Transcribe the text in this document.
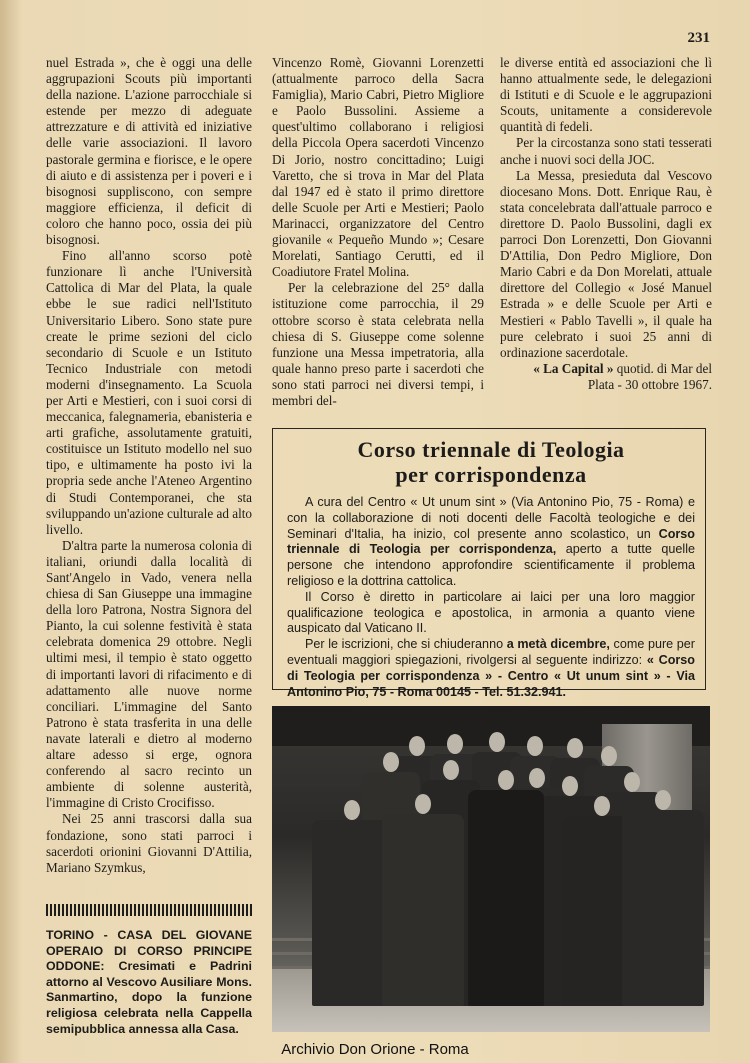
231

nuel Estrada », che è oggi una delle aggrupazioni Scouts più importanti della nazione. L'azione parrocchiale si estende per mezzo di adeguate attrezzature e di attività ed iniziative delle varie associazioni. Il lavoro pastorale germina e fiorisce, e le opere di aiuto e di assistenza per i poveri e i bisognosi suppliscono, con sempre maggiore efficienza, il deficit di coloro che hanno poco, ossia dei più bisognosi.

Fino all'anno scorso potè funzionare lì anche l'Università Cattolica di Mar del Plata, la quale ebbe le sue radici nell'Istituto Universitario Libero. Sono state pure create le prime sezioni del ciclo secondario di Scuole e un Istituto Tecnico Industriale con metodi moderni d'insegnamento. La Scuola per Arti e Mestieri, con i suoi corsi di meccanica, falegnameria, ebanisteria e arti grafiche, assolutamente gratuiti, costituisce un Istituto modello nel suo tipo, e ultimamente ha posto ivi la propria sede anche l'Ateneo Argentino di Studi Contemporanei, che sta sviluppando un'azione culturale ad alto livello.

D'altra parte la numerosa colonia di italiani, oriundi dalla località di Sant'Angelo in Vado, venera nella chiesa di San Giuseppe una immagine della loro Patrona, Nostra Signora del Pianto, la cui solenne festività è stata celebrata domenica 29 ottobre. Negli ultimi mesi, il tempio è stato oggetto di importanti lavori di rifacimento e di adattamento alle nuove norme conciliari. L'immagine del Santo Patrono è stata trasferita in una delle navate laterali e dietro al moderno altare adesso si erge, ognora conferendo al sacro recinto un ambiente di solenne austerità, l'immagine di Cristo Crocifisso.

Nei 25 anni trascorsi dalla sua fondazione, sono stati parroci i sacerdoti orionini Giovanni D'Attilia, Mariano Szymkus,

Vincenzo Romè, Giovanni Lorenzetti (attualmente parroco della Sacra Famiglia), Mario Cabri, Pietro Migliore e Paolo Bussolini. Assieme a quest'ultimo collaborano i religiosi della Piccola Opera sacerdoti Vincenzo Di Jorio, nostro concittadino; Luigi Varetto, che si trova in Mar del Plata dal 1947 ed è stato il primo direttore delle Scuole per Arti e Mestieri; Paolo Marinacci, organizzatore del Centro giovanile « Pequeño Mundo »; Cesare Morelati, Santiago Cerutti, ed il Coadiutore Fratel Molina.

Per la celebrazione del 25° dalla istituzione come parrocchia, il 29 ottobre scorso è stata celebrata nella chiesa di S. Giuseppe come solenne funzione una Messa impetratoria, alla quale hanno preso parte i sacerdoti che sono stati parroci nei diversi tempi, i membri del-

le diverse entità ed associazioni che lì hanno attualmente sede, le delegazioni di Istituti e di Scuole e le aggrupazioni Scouts, unitamente a considerevole quantità di fedeli.

Per la circostanza sono stati tesserati anche i nuovi soci della JOC.

La Messa, presieduta dal Vescovo diocesano Mons. Dott. Enrique Rau, è stata concelebrata dall'attuale parroco e direttore D. Paolo Bussolini, dagli ex parroci Don Lorenzetti, Don Giovanni D'Attilia, Don Pedro Migliore, Don Mario Cabri e da Don Morelati, attuale direttore del Collegio « José Manuel Estrada » e delle Scuole per Arti e Mestieri « Pablo Tavelli », il quale ha pure celebrato i suoi 25 anni di ordinazione sacerdotale.

« La Capital » quotid. di Mar del Plata - 30 ottobre 1967.

Corso triennale di Teologia
per corrispondenza

A cura del Centro « Ut unum sint » (Via Antonino Pio, 75 - Roma) e con la collaborazione di noti docenti delle Facoltà teologiche e dei Seminari d'Italia, ha inizio, col presente anno scolastico, un Corso triennale di Teologia per corrispondenza, aperto a tutte quelle persone che intendono approfondire scientificamente il problema religioso e la dottrina cattolica.

Il Corso è diretto in particolare ai laici per una loro maggior qualificazione teologica e apostolica, in armonia a quanto viene auspicato dal Vaticano II.

Per le iscrizioni, che si chiuderanno a metà dicembre, come pure per eventuali maggiori spiegazioni, rivolgersi al seguente indirizzo: « Corso di Teologia per corrispondenza » - Centro « Ut unum sint » - Via Antonino Pio, 75 - Roma 00145 - Tel. 51.32.941.

TORINO - CASA DEL GIOVANE OPERAIO DI CORSO PRINCIPE ODDONE: Cresimati e Padrini attorno al Vescovo Ausiliare Mons. Sanmartino, dopo la funzione religiosa celebrata nella Cappella semipubblica annessa alla Casa.
Archivio Don Orione - Roma
